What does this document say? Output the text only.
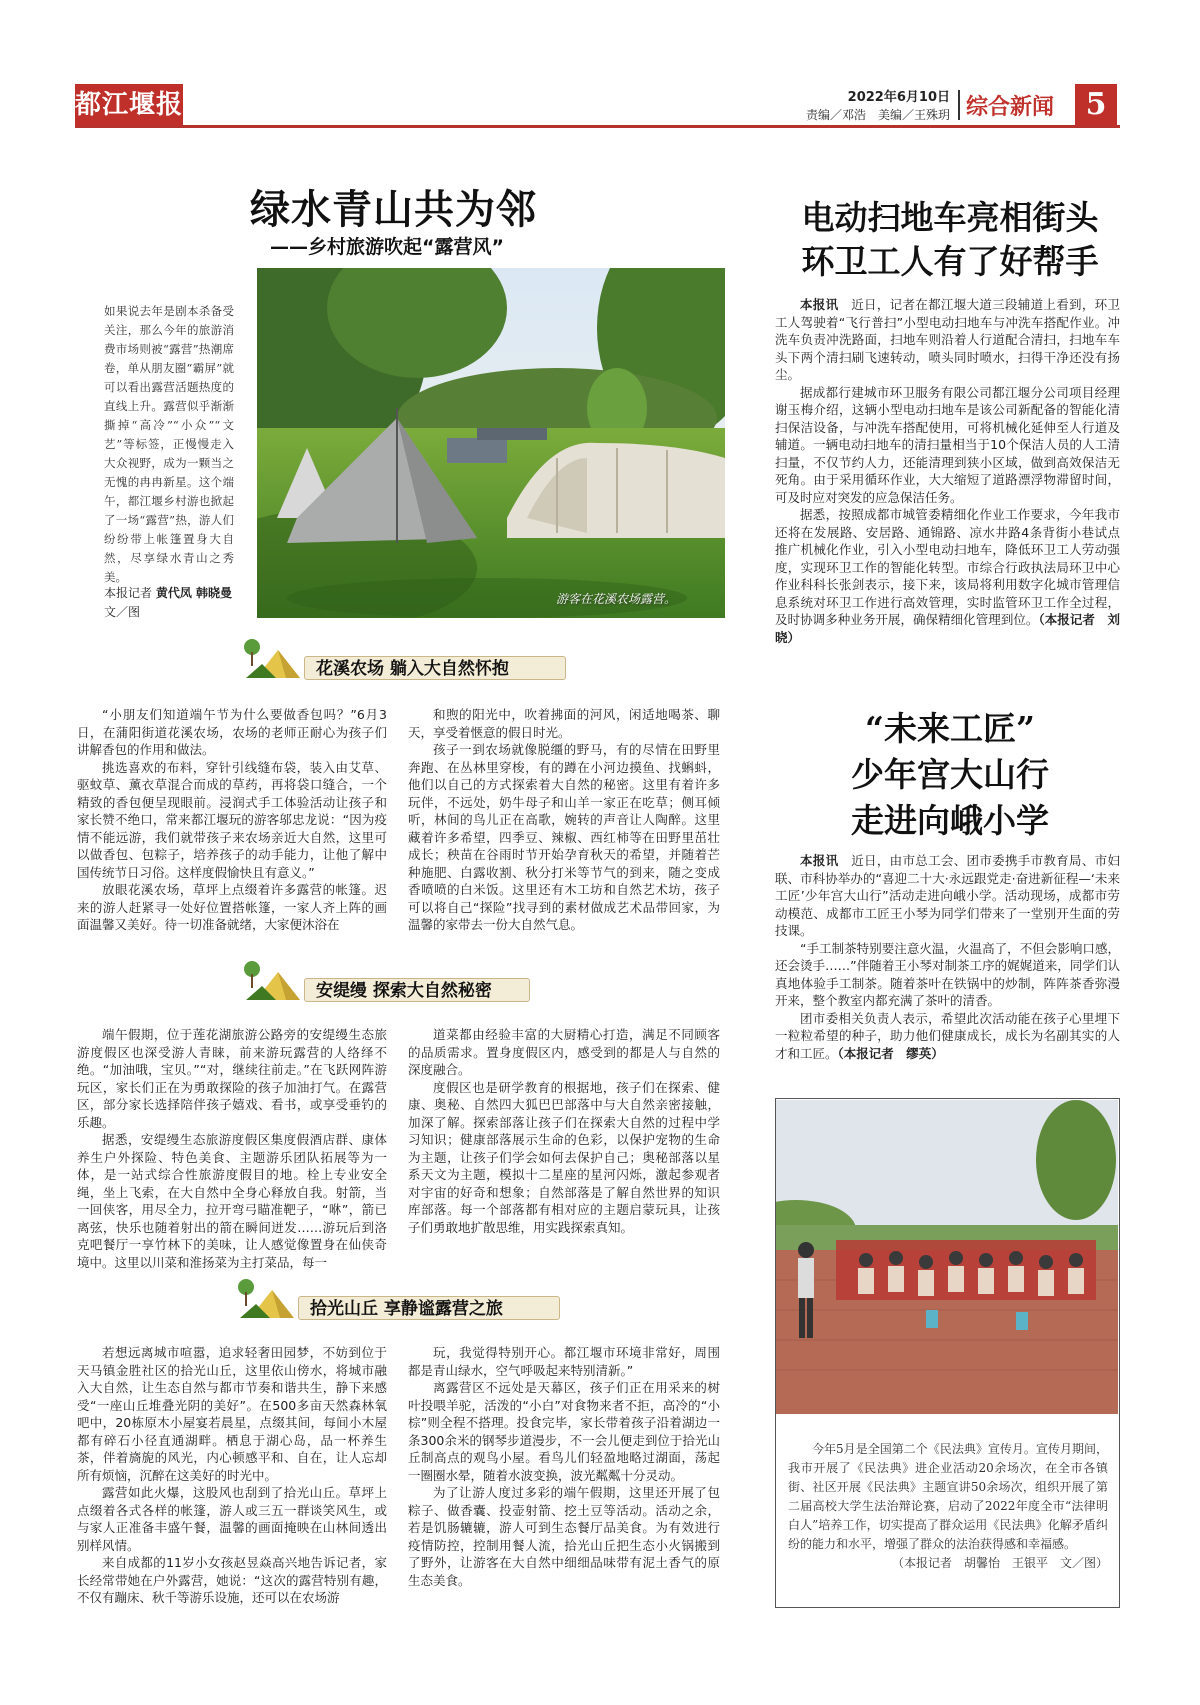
都江堰报	2022年6月10日
责编／邓浩　美编／王殊玥 综合新闻	5
绿水青山共为邻
——乡村旅游吹起“露营风”
如果说去年是剧本杀备受关注，那么今年的旅游消费市场则被“露营”热潮席卷，单从朋友圈“霸屏”就可以看出露营活题热度的直线上升。露营似乎渐渐撕掉“高冷”“小众”“文艺”等标签，正慢慢走入大众视野，成为一颗当之无愧的冉冉新星。这个端午，都江堰乡村游也掀起了一场“露营”热，游人们纷纷带上帐篷置身大自然，尽享绿水青山之秀美。
本报记者 黄代凤 韩晓曼 文／图
游客在花溪农场露营。
花溪农场 躺入大自然怀抱

“小朋友们知道端午节为什么要做香包吗？”6月3日，在蒲阳街道花溪农场，农场的老师正耐心为孩子们讲解香包的作用和做法。

挑选喜欢的布料，穿针引线缝布袋，装入由艾草、驱蚊草、薰衣草混合而成的草药，再将袋口缝合，一个精致的香包便呈现眼前。浸润式手工体验活动让孩子和家长赞不绝口，常来都江堰玩的游客邬忠龙说：“因为疫情不能远游，我们就带孩子来农场亲近大自然，这里可以做香包、包粽子，培养孩子的动手能力，让他了解中国传统节日习俗。这样度假愉快且有意义。”

放眼花溪农场，草坪上点缀着许多露营的帐篷。迟来的游人赶紧寻一处好位置搭帐篷，一家人齐上阵的画面温馨又美好。待一切准备就绪，大家便沐浴在

和煦的阳光中，吹着拂面的河风，闲适地喝茶、聊天，享受着惬意的假日时光。

孩子一到农场就像脱缰的野马，有的尽情在田野里奔跑、在丛林里穿梭，有的蹲在小河边摸鱼、找蝌蚪，他们以自己的方式探索着大自然的秘密。这里有着许多玩伴，不远处，奶牛母子和山羊一家正在吃草；侧耳倾听，林间的鸟儿正在高歌，婉转的声音让人陶醉。这里藏着许多希望，四季豆、辣椒、西红柿等在田野里茁壮成长；秧苗在谷雨时节开始孕育秋天的希望，并随着芒种施肥、白露收割、秋分打米等节气的到来，随之变成香喷喷的白米饭。这里还有木工坊和自然艺术坊，孩子可以将自己“探险”找寻到的素材做成艺术品带回家，为温馨的家带去一份大自然气息。

安缇缦 探索大自然秘密

端午假期，位于莲花湖旅游公路旁的安缇缦生态旅游度假区也深受游人青睐，前来游玩露营的人络绎不绝。“加油哦，宝贝。”“对，继续往前走。”在飞跃网阵游玩区，家长们正在为勇敢探险的孩子加油打气。在露营区，部分家长选择陪伴孩子嬉戏、看书，或享受垂钓的乐趣。

据悉，安缇缦生态旅游度假区集度假酒店群、康体养生户外探险、特色美食、主题游乐团队拓展等为一体，是一站式综合性旅游度假目的地。栓上专业安全绳，坐上飞索，在大自然中全身心释放自我。射箭，当一回侠客，用尽全力，拉开弯弓瞄准靶子，“咻”，箭已离弦，快乐也随着射出的箭在瞬间迸发……游玩后到洛克吧餐厅一享竹林下的美味，让人感觉像置身在仙侠奇境中。这里以川菜和淮扬菜为主打菜品，每一

道菜都由经验丰富的大厨精心打造，满足不同顾客的品质需求。置身度假区内，感受到的都是人与自然的深度融合。

度假区也是研学教育的根据地，孩子们在探索、健康、奥秘、自然四大狐巴巴部落中与大自然亲密接触，加深了解。探索部落让孩子们在探索大自然的过程中学习知识；健康部落展示生命的色彩，以保护宠物的生命为主题，让孩子们学会如何去保护自己；奥秘部落以星系天文为主题，模拟十二星座的星河闪烁，激起参观者对宇宙的好奇和想象；自然部落是了解自然世界的知识库部落。每一个部落都有相对应的主题启蒙玩具，让孩子们勇敢地扩散思维，用实践探索真知。

拾光山丘 享静谧露营之旅

若想远离城市喧嚣，追求轻奢田园梦，不妨到位于天马镇金胜社区的拾光山丘，这里依山傍水，将城市融入大自然，让生态自然与都市节奏和谐共生，静下来感受“一座山丘堆叠光阴的美好”。在500多亩天然森林氧吧中，20栋原木小屋宴若晨星，点缀其间，每间小木屋都有碎石小径直通湖畔。栖息于湖心岛，品一杯养生茶，伴着旖旎的风光，内心顿感平和、自在，让人忘却所有烦恼，沉醉在这美好的时光中。

露营如此火爆，这股风也刮到了拾光山丘。草坪上点缀着各式各样的帐篷，游人或三五一群谈笑风生，或与家人正准备丰盛午餐，温馨的画面掩映在山林间透出别样风情。

来自成都的11岁小女孩赵昱焱高兴地告诉记者，家长经常带她在户外露营，她说：“这次的露营特别有趣，不仅有蹦床、秋千等游乐设施，还可以在农场游

玩，我觉得特别开心。都江堰市环境非常好，周围都是青山绿水，空气呼吸起来特别清新。”

离露营区不远处是天幕区，孩子们正在用采来的树叶投喂羊驼，活泼的“小白”对食物来者不拒，高冷的“小棕”则全程不搭理。投食完毕，家长带着孩子沿着湖边一条300余米的钢琴步道漫步，不一会儿便走到位于拾光山丘制高点的观鸟小屋。看鸟儿们轻盈地略过湖面，荡起一圈圈水晕，随着水波变换，波光粼粼十分灵动。

为了让游人度过多彩的端午假期，这里还开展了包粽子、做香囊、投壶射箭、挖土豆等活动。活动之余，若是饥肠辘辘，游人可到生态餐厅品美食。为有效进行疫情防控，控制用餐人流，拾光山丘把生态小火锅搬到了野外，让游客在大自然中细细品味带有泥土香气的原生态美食。

电动扫地车亮相街头
环卫工人有了好帮手

本报讯　 近日，记者在都江堰大道三段辅道上看到，环卫工人驾驶着“飞行普扫”小型电动扫地车与冲洗车搭配作业。冲洗车负责冲洗路面，扫地车则沿着人行道配合清扫，扫地车车头下两个清扫刷飞速转动，喷头同时喷水，扫得干净还没有扬尘。

据成都行建城市环卫服务有限公司都江堰分公司项目经理谢玉梅介绍，这辆小型电动扫地车是该公司新配备的智能化清扫保洁设备，与冲洗车搭配使用，可将机械化延伸至人行道及辅道。一辆电动扫地车的清扫量相当于10个保洁人员的人工清扫量，不仅节约人力，还能清理到狭小区域，做到高效保洁无死角。由于采用循环作业，大大缩短了道路漂浮物滞留时间，可及时应对突发的应急保洁任务。

据悉，按照成都市城管委精细化作业工作要求，今年我市还将在发展路、安居路、通锦路、凉水井路4条背街小巷试点推广机械化作业，引入小型电动扫地车，降低环卫工人劳动强度，实现环卫工作的智能化转型。市综合行政执法局环卫中心作业科科长张剑表示，接下来，该局将利用数字化城市管理信息系统对环卫工作进行高效管理，实时监管环卫工作全过程，及时协调多种业务开展，确保精细化管理到位。（本报记者　刘晓）

“未来工匠”
少年宫大山行
走进向峨小学

本报讯　 近日，由市总工会、团市委携手市教育局、市妇联、市科协举办的“喜迎二十大·永远跟党走·奋进新征程—‘未来工匠’少年宫大山行”活动走进向峨小学。活动现场，成都市劳动模范、成都市工匠王小琴为同学们带来了一堂别开生面的劳技课。

“手工制茶特别要注意火温，火温高了，不但会影响口感，还会烫手……”伴随着王小琴对制茶工序的娓娓道来，同学们认真地体验手工制茶。随着茶叶在铁锅中的炒制，阵阵茶香弥漫开来，整个教室内都充满了茶叶的清香。

团市委相关负责人表示，希望此次活动能在孩子心里埋下一粒粒希望的种子，助力他们健康成长，成长为名副其实的人才和工匠。（本报记者　缪英）

今年5月是全国第二个《民法典》宣传月。宣传月期间，我市开展了《民法典》进企业活动20余场次，在全市各镇街、社区开展《民法典》主题宣讲50余场次，组织开展了第二届高校大学生法治辩论赛，启动了2022年度全市“法律明白人”培养工作，切实提高了群众运用《民法典》化解矛盾纠纷的能力和水平，增强了群众的法治获得感和幸福感。

（本报记者　胡馨怡　王银平　文／图）
